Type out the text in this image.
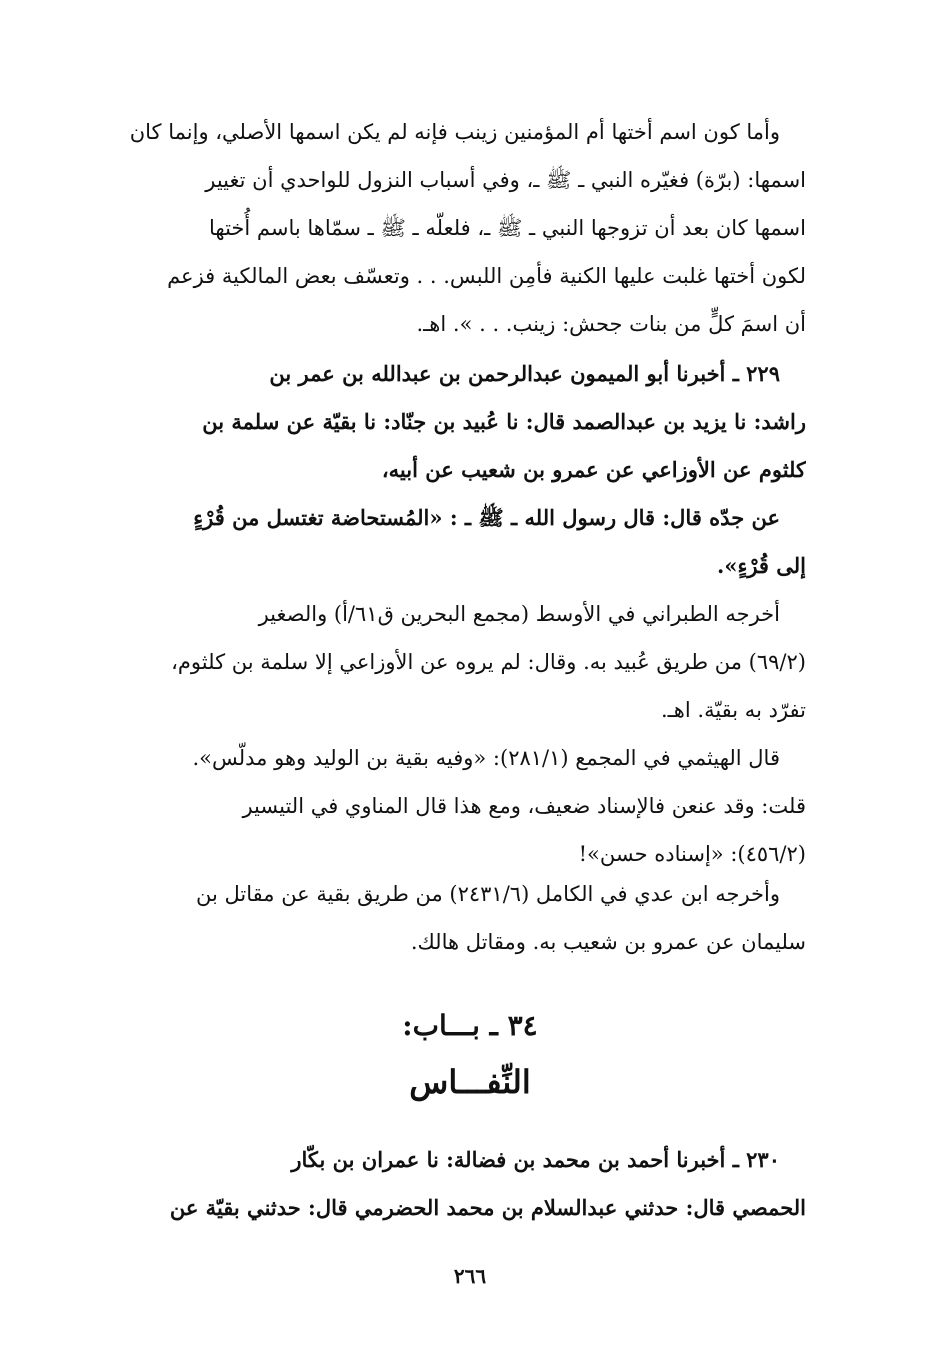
وأما كون اسم أختها أم المؤمنين زينب فإنه لم يكن اسمها الأصلي، وإنما كان
اسمها: (برّة) فغيّره النبي ـ ﷺ ـ، وفي أسباب النزول للواحدي أن تغيير
اسمها كان بعد أن تزوجها النبي ـ ﷺ ـ، فلعلّه ـ ﷺ ـ سمّاها باسم أُختها
لكون أختها غلبت عليها الكنية فأمِن اللبس. . . وتعسّف بعض المالكية فزعم
أن اسمَ كلٍّ من بنات جحش: زينب. . . ». اهـ.
٢٢٩ ـ أخبرنا أبو الميمون عبدالرحمن بن عبدالله بن عمر بن
راشد: نا يزيد بن عبدالصمد قال: نا عُبيد بن جنّاد: نا بقيّة عن سلمة بن
كلثوم عن الأوزاعي عن عمرو بن شعيب عن أبيه،
عن جدّه قال: قال رسول الله ـ ﷺ ـ : «المُستحاضة تغتسل من قُرْءٍ
إلى قُرْءٍ».
أخرجه الطبراني في الأوسط (مجمع البحرين ق٦١/أ) والصغير
(٦٩/٢) من طريق عُبيد به. وقال: لم يروه عن الأوزاعي إلا سلمة بن كلثوم،
تفرّد به بقيّة. اهـ.
قال الهيثمي في المجمع (٢٨١/١): «وفيه بقية بن الوليد وهو مدلّس».
قلت: وقد عنعن فالإسناد ضعيف، ومع هذا قال المناوي في التيسير
(٤٥٦/٢): «إسناده حسن»!
وأخرجه ابن عدي في الكامل (٢٤٣١/٦) من طريق بقية عن مقاتل بن
سليمان عن عمرو بن شعيب به. ومقاتل هالك.
٣٤ ـ بـــاب:
النِّفـــاس
٢٣٠ ـ أخبرنا أحمد بن محمد بن فضالة: نا عمران بن بكّار
الحمصي قال: حدثني عبدالسلام بن محمد الحضرمي قال: حدثني بقيّة عن
٢٦٦
